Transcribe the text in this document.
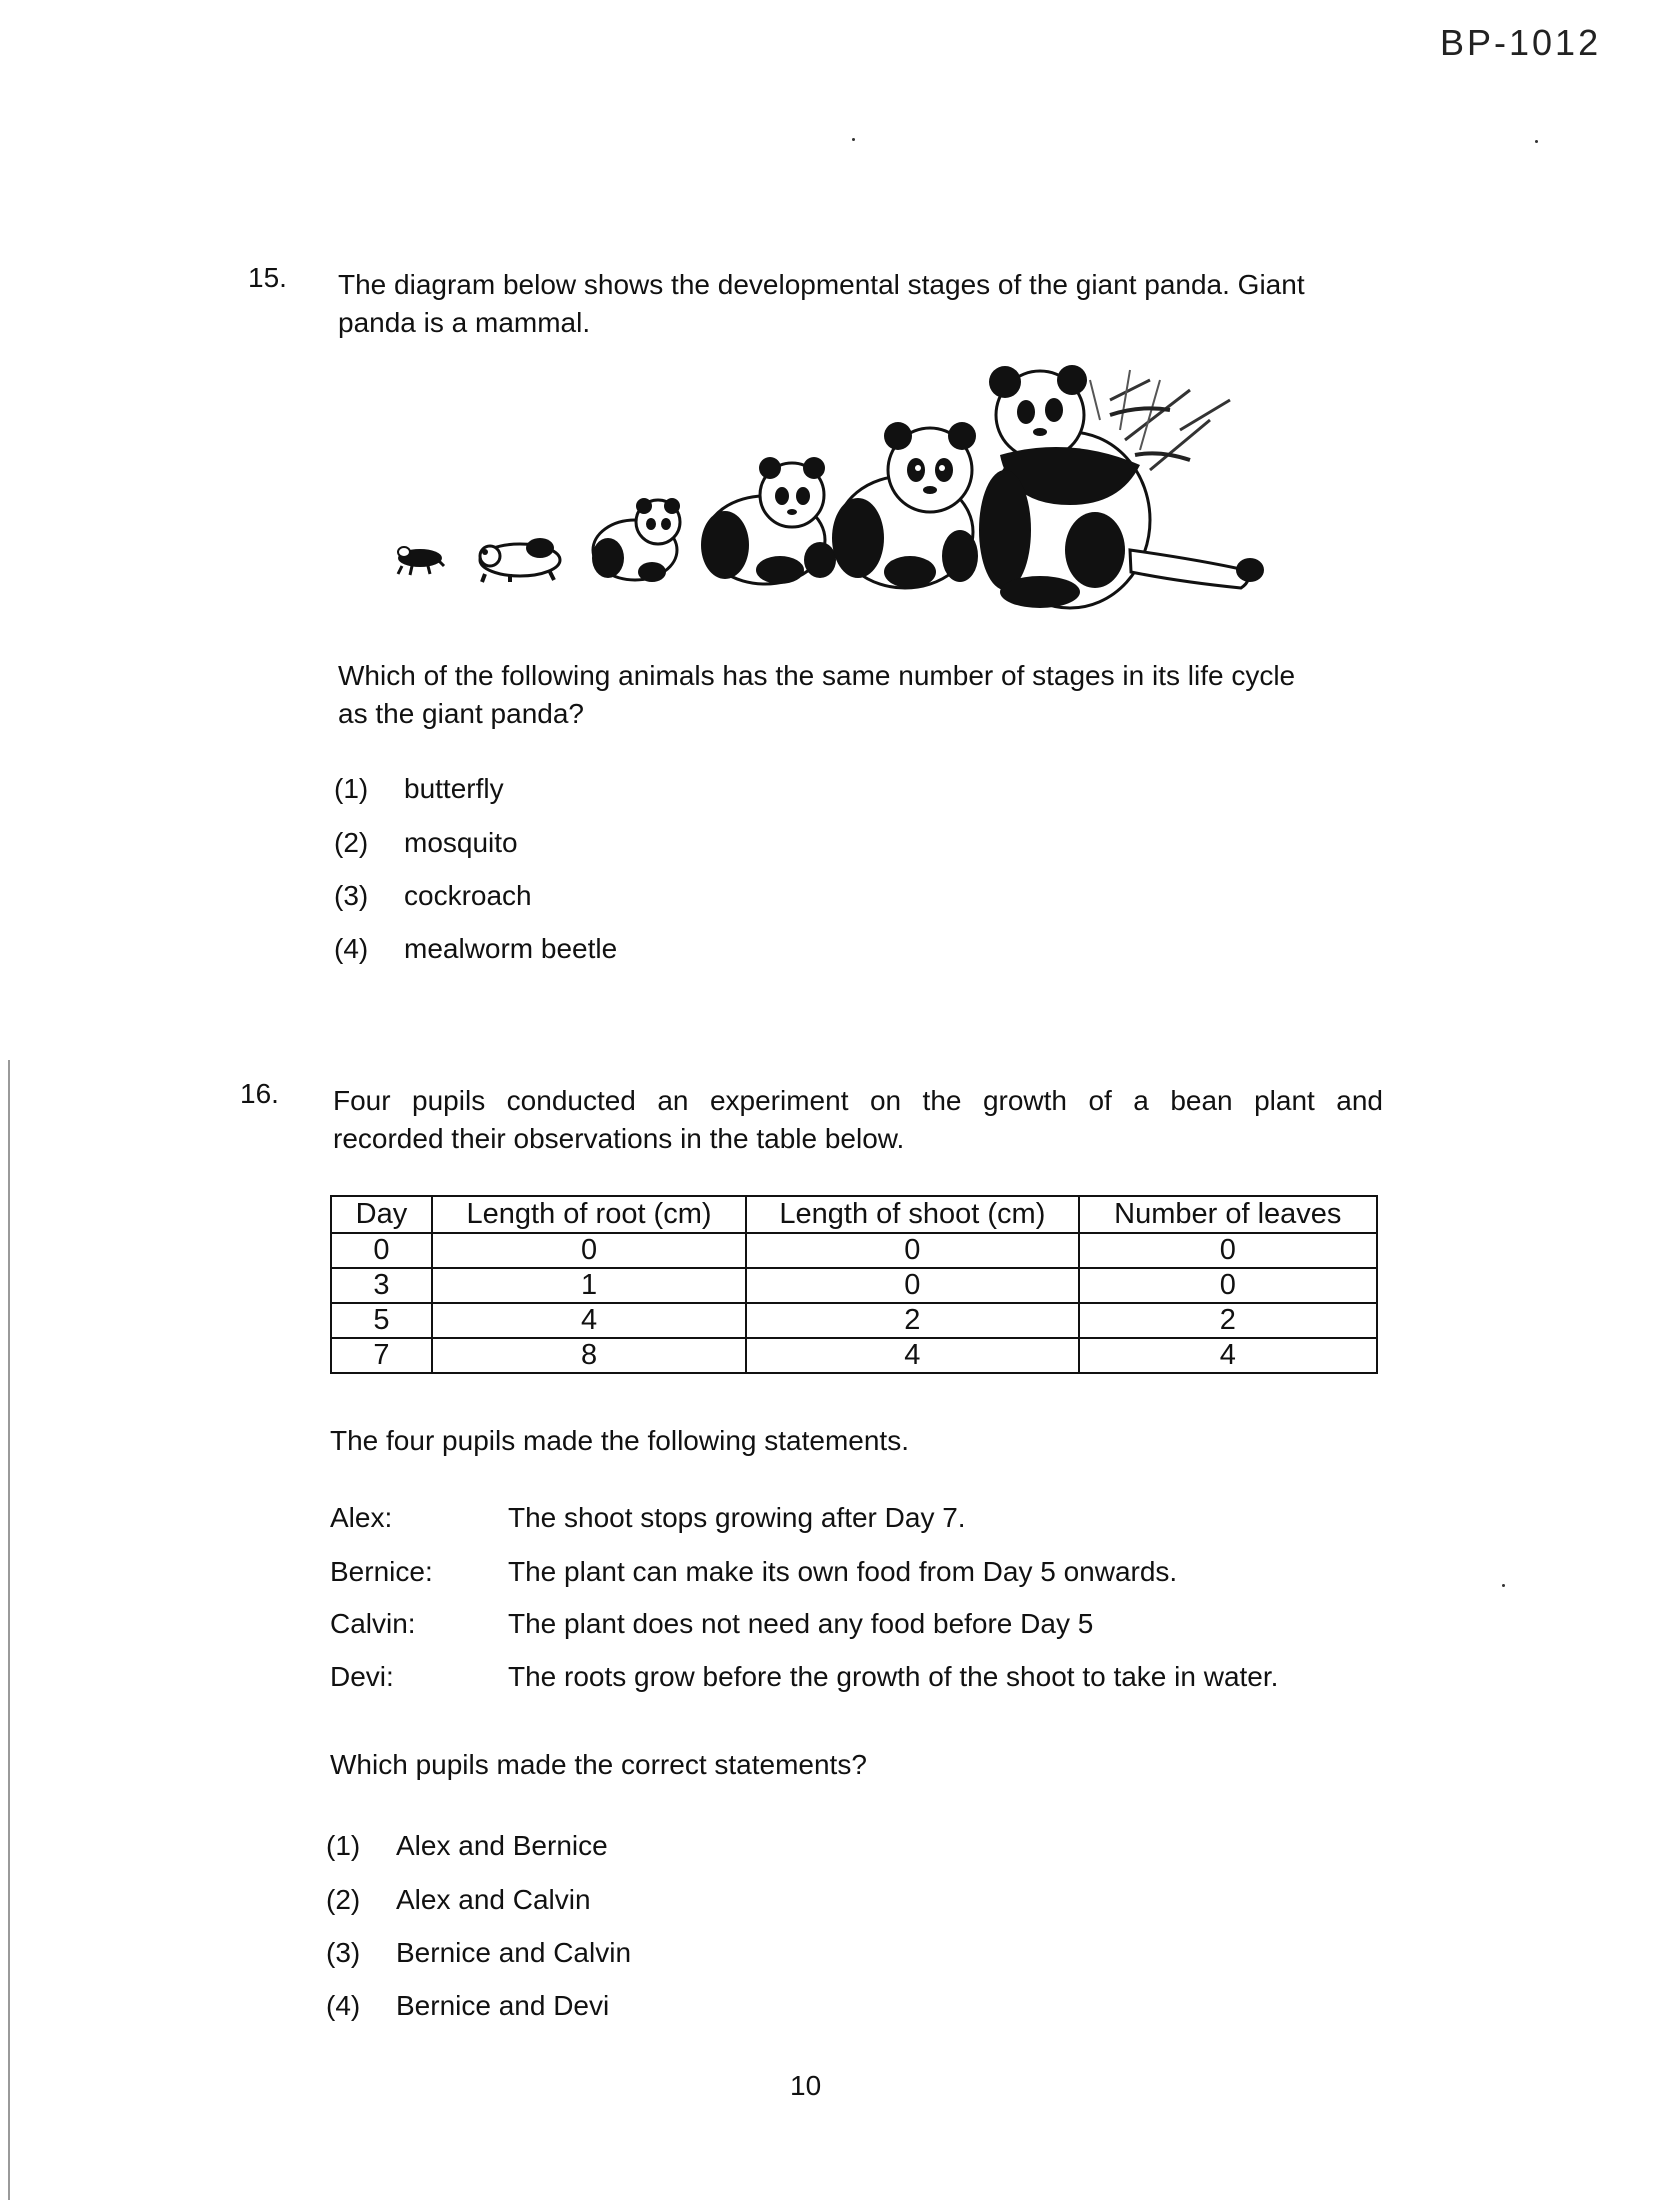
BP-1012
15. The diagram below shows the developmental stages of the giant panda. Giant
panda is a mammal.
Which of the following animals has the same number of stages in its life cycle
as the giant panda?
(1) butterfly
(2) mosquito
(3) cockroach
(4) mealworm beetle
16. Four pupils conducted an experiment on the growth of a bean plant and
recorded their observations in the table below.
Day	Length of root (cm)	Length of shoot (cm)	Number of leaves
0	0	0	0
3	1	0	0
5	4	2	2
7	8	4	4
The four pupils made the following statements.
Alex:	The shoot stops growing after Day 7.
Bernice:	The plant can make its own food from Day 5 onwards.
Calvin:	The plant does not need any food before Day 5
Devi:	The roots grow before the growth of the shoot to take in water.
Which pupils made the correct statements?
(1) Alex and Bernice
(2) Alex and Calvin
(3) Bernice and Calvin
(4) Bernice and Devi
10
